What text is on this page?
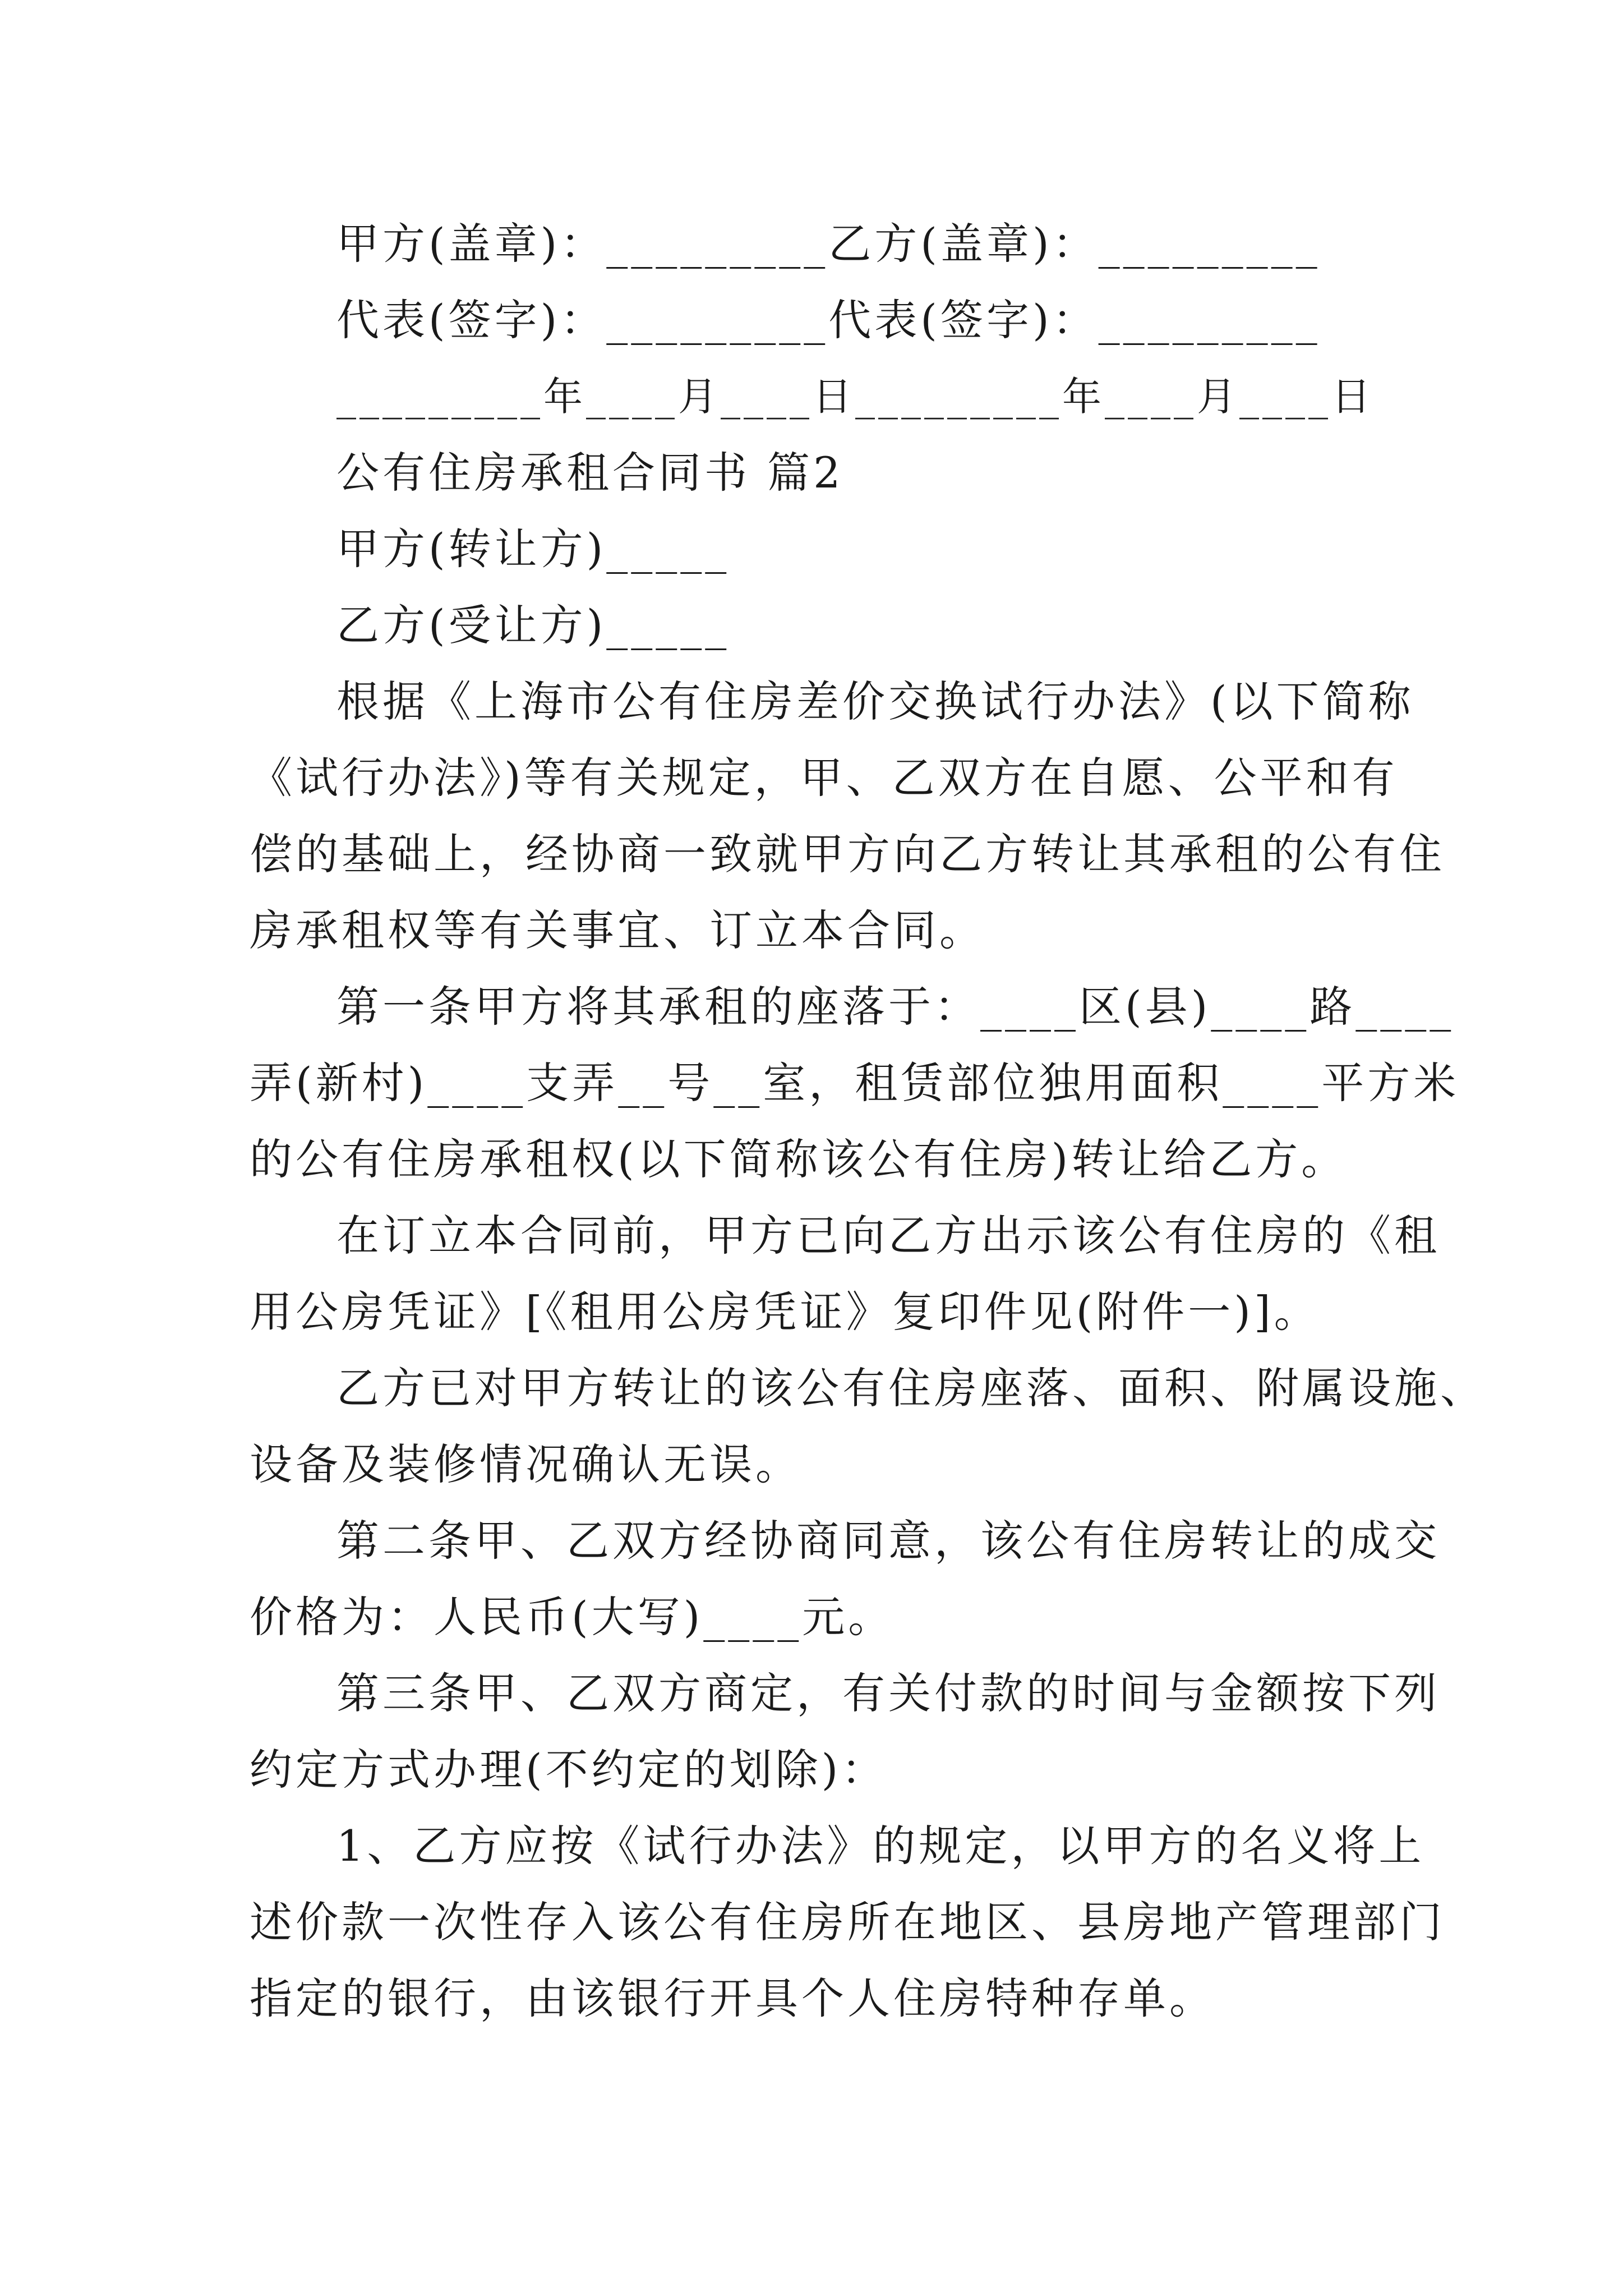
甲方(盖章)：_________乙方(盖章)：_________
代表(签字)：_________代表(签字)：_________
_________年____月____日_________年____月____日
公有住房承租合同书 篇2
甲方(转让方)_____
乙方(受让方)_____
根据《上海市公有住房差价交换试行办法》(以下简称
《试行办法》)等有关规定，甲、乙双方在自愿、公平和有
偿的基础上，经协商一致就甲方向乙方转让其承租的公有住
房承租权等有关事宜、订立本合同。
第一条甲方将其承租的座落于：____区(县)____路____
弄(新村)____支弄__号__室，租赁部位独用面积____平方米
的公有住房承租权(以下简称该公有住房)转让给乙方。
在订立本合同前，甲方已向乙方出示该公有住房的《租
用公房凭证》[《租用公房凭证》复印件见(附件一)]。
乙方已对甲方转让的该公有住房座落、面积、附属设施、
设备及装修情况确认无误。
第二条甲、乙双方经协商同意，该公有住房转让的成交
价格为：人民币(大写)____元。
第三条甲、乙双方商定，有关付款的时间与金额按下列
约定方式办理(不约定的划除)：
1、乙方应按《试行办法》的规定，以甲方的名义将上
述价款一次性存入该公有住房所在地区、县房地产管理部门
指定的银行，由该银行开具个人住房特种存单。
